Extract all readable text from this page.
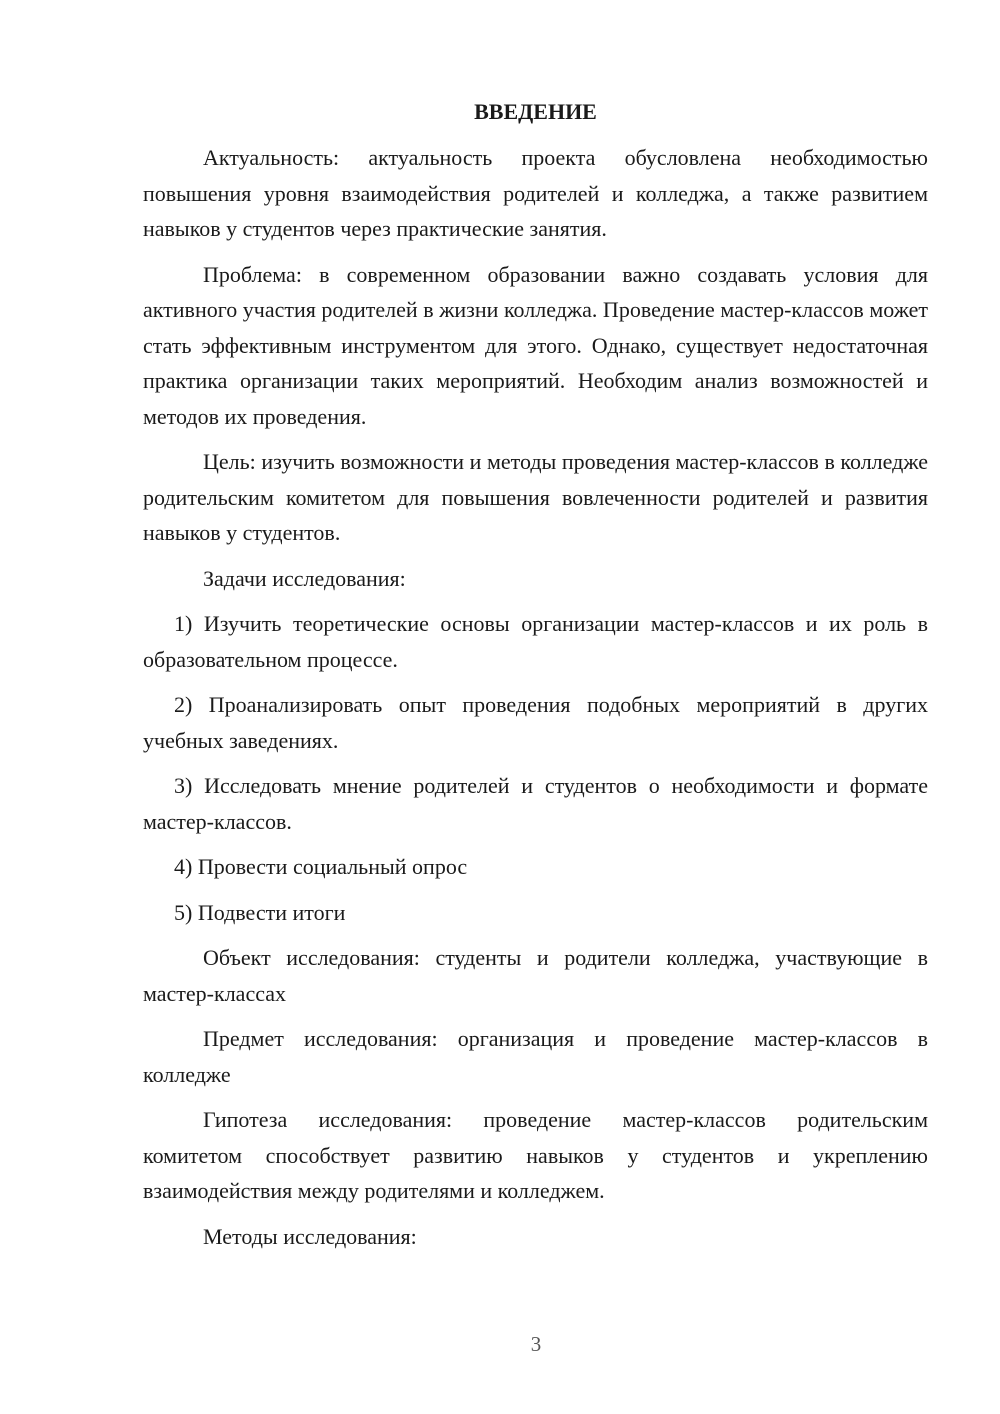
ВВЕДЕНИЕ

Актуальность: актуальность проекта обусловлена необходимостью повышения уровня взаимодействия родителей и колледжа, а также развитием навыков у студентов через практические занятия.

Проблема: в современном образовании важно создавать условия для активного участия родителей в жизни колледжа. Проведение мастер-классов может стать эффективным инструментом для этого. Однако, существует недостаточная практика организации таких мероприятий. Необходим анализ возможностей и методов их проведения.

Цель: изучить возможности и методы проведения мастер-классов в колледже родительским комитетом для повышения вовлеченности родителей и развития навыков у студентов.

Задачи исследования:

1) Изучить теоретические основы организации мастер-классов и их роль в образовательном процессе.

2) Проанализировать опыт проведения подобных мероприятий в других учебных заведениях.

3) Исследовать мнение родителей и студентов о необходимости и формате мастер-классов.

4) Провести социальный опрос

5) Подвести итоги

Объект исследования: студенты и родители колледжа, участвующие в мастер-классах

Предмет исследования: организация и проведение мастер-классов в колледже

Гипотеза исследования: проведение мастер-классов родительским комитетом способствует развитию навыков у студентов и укреплению взаимодействия между родителями и колледжем.

Методы исследования:

3
